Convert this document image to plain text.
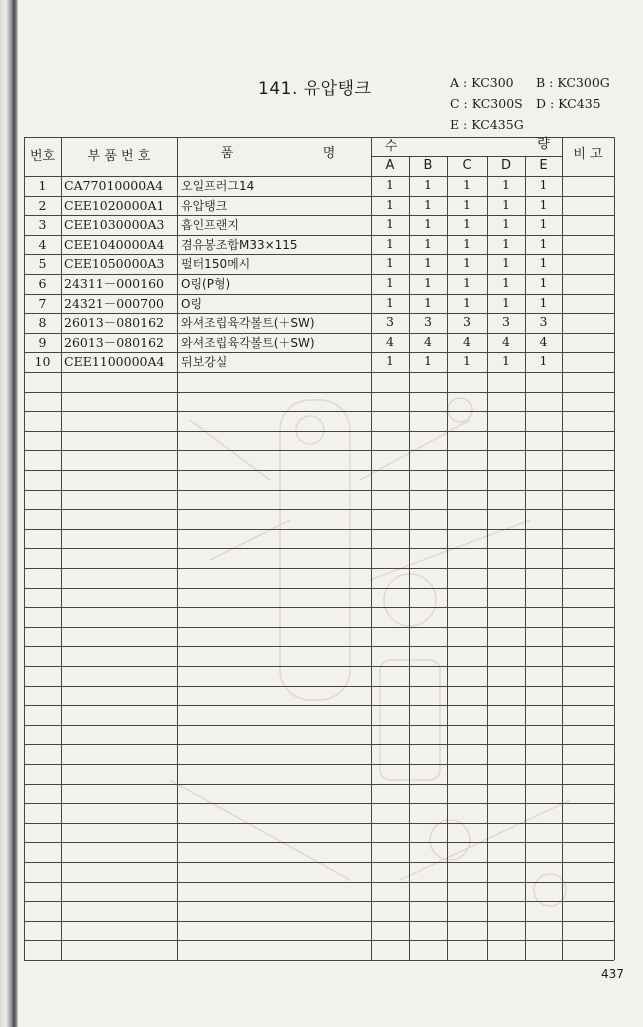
141. 유압탱크	A : KC300 B : KC300G
C : KC300S D : KC435
E : KC435G
번호	부 품 번 호	품	명	수	량
비 고
A	B	C	D	E
1	CA77010000A4 오일프러그14	1	1	1	1	1
2	CEE1020000A1 유압탱크	1	1	1	1	1
3	CEE1030000A3 흡인프랜지	1	1	1	1	1
4	CEE1040000A4 겸유봉조합M33×115	1	1	1	1	1
5	CEE1050000A3 펄터150메시	1	1	1	1	1
6	24311－000160 O링(P형)	1	1	1	1	1
7	24321－000700 O링	1	1	1	1	1
8	26013－080162 와셔조립육각볼트(＋SW)	3	3	3	3	3
9	26013－080162 와셔조립육각볼트(＋SW)	4	4	4	4	4
10	CEE1100000A4 뒤보강실	1	1	1	1	1
437
